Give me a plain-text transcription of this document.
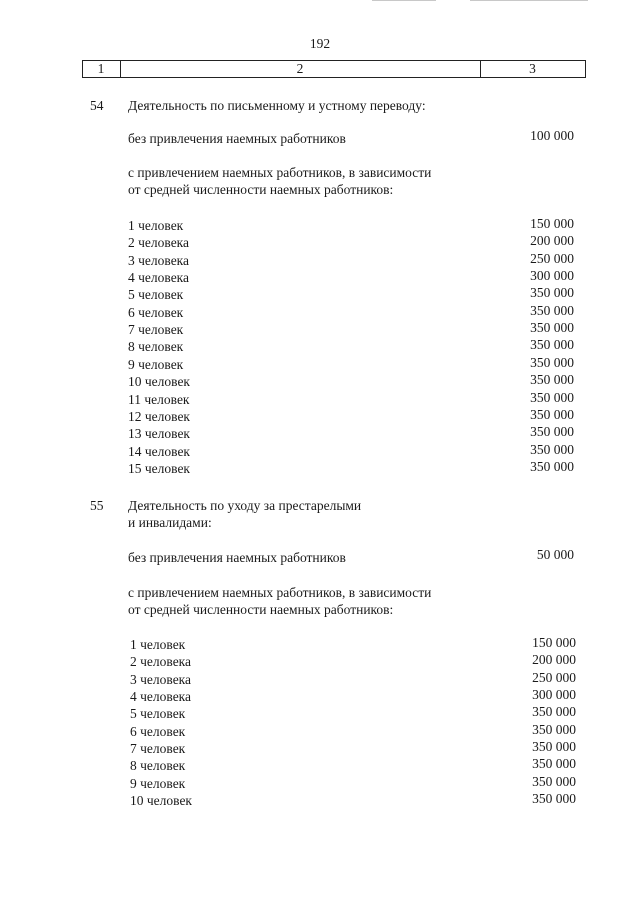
192
1	2	3
54 Деятельность по письменному и устному переводу:
без привлечения наемных работников	100 000
с привлечением наемных работников, в зависимости
от средней численности наемных работников:
1 человек	150 000
2 человека	200 000
3 человека	250 000
4 человека	300 000
5 человек	350 000
6 человек	350 000
7 человек	350 000
8 человек	350 000
9 человек	350 000
10 человек	350 000
11 человек	350 000
12 человек	350 000
13 человек	350 000
14 человек	350 000
15 человек	350 000
55 Деятельность по уходу за престарелыми
и инвалидами:
без привлечения наемных работников	50 000
с привлечением наемных работников, в зависимости
от средней численности наемных работников:
1 человек	150 000
2 человека	200 000
3 человека	250 000
4 человека	300 000
5 человек	350 000
6 человек	350 000
7 человек	350 000
8 человек	350 000
9 человек	350 000
10 человек	350 000
